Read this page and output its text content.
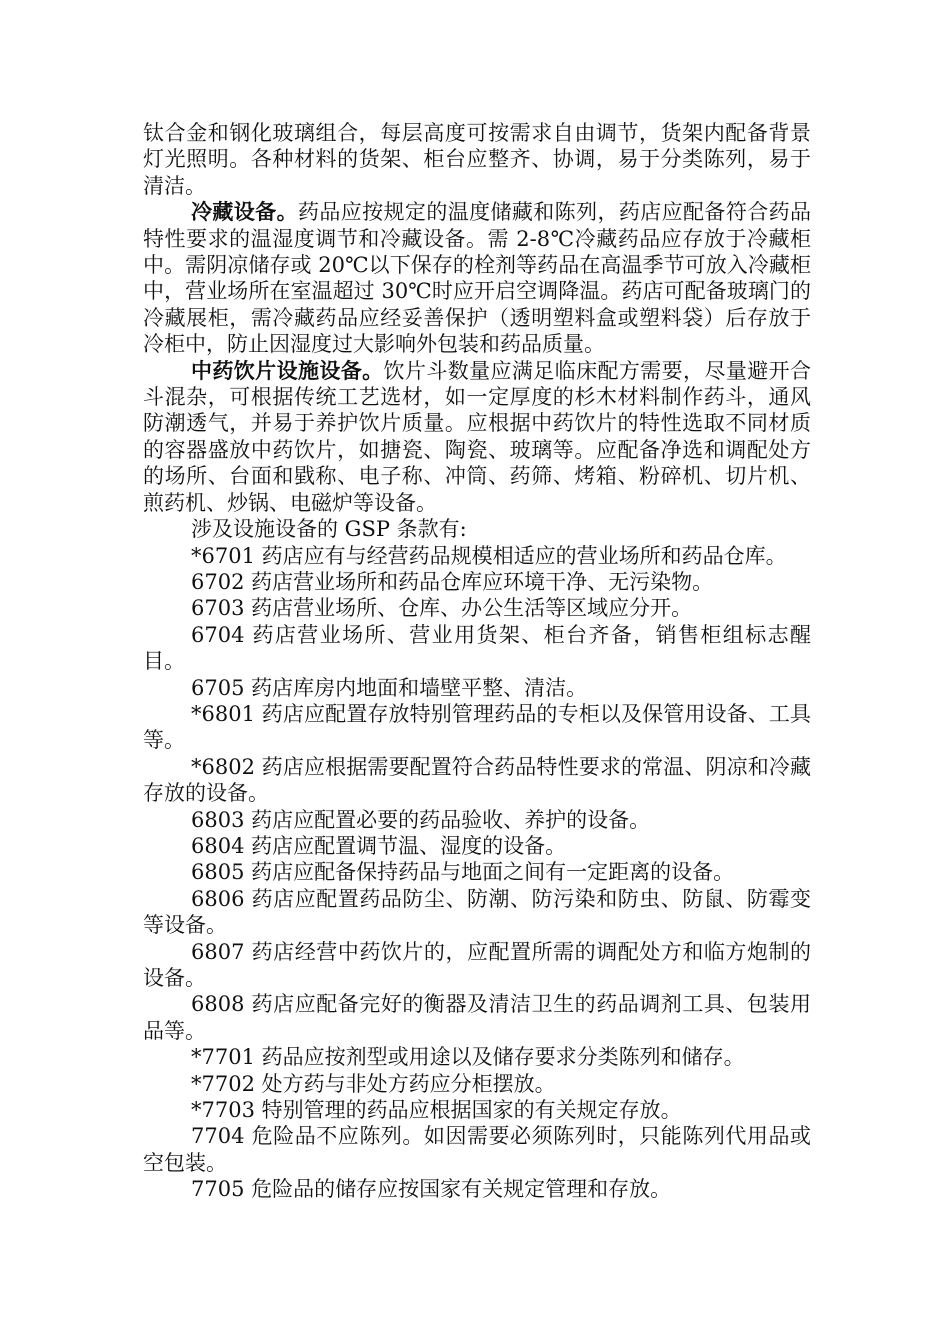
钛合金和钢化玻璃组合，每层高度可按需求自由调节，货架内配备背景灯光照明。各种材料的货架、柜台应整齐、协调，易于分类陈列，易于清洁。

冷藏设备。药品应按规定的温度储藏和陈列，药店应配备符合药品特性要求的温湿度调节和冷藏设备。需 2-8℃冷藏药品应存放于冷藏柜中。需阴凉储存或 20℃以下保存的栓剂等药品在高温季节可放入冷藏柜中，营业场所在室温超过 30℃时应开启空调降温。药店可配备玻璃门的冷藏展柜，需冷藏药品应经妥善保护（透明塑料盒或塑料袋）后存放于冷柜中，防止因湿度过大影响外包装和药品质量。

中药饮片设施设备。饮片斗数量应满足临床配方需要，尽量避开合斗混杂，可根据传统工艺选材，如一定厚度的杉木材料制作药斗，通风防潮透气，并易于养护饮片质量。应根据中药饮片的特性选取不同材质的容器盛放中药饮片，如搪瓷、陶瓷、玻璃等。应配备净选和调配处方的场所、台面和戥称、电子称、冲筒、药筛、烤箱、粉碎机、切片机、煎药机、炒锅、电磁炉等设备。

涉及设施设备的 GSP 条款有:

*6701 药店应有与经营药品规模相适应的营业场所和药品仓库。

6702 药店营业场所和药品仓库应环境干净、无污染物。

6703 药店营业场所、仓库、办公生活等区域应分开。

6704 药店营业场所、营业用货架、柜台齐备，销售柜组标志醒目。

6705 药店库房内地面和墙壁平整、清洁。

*6801 药店应配置存放特别管理药品的专柜以及保管用设备、工具等。

*6802 药店应根据需要配置符合药品特性要求的常温、阴凉和冷藏存放的设备。

6803 药店应配置必要的药品验收、养护的设备。

6804 药店应配置调节温、湿度的设备。

6805 药店应配备保持药品与地面之间有一定距离的设备。

6806 药店应配置药品防尘、防潮、防污染和防虫、防鼠、防霉变等设备。

6807 药店经营中药饮片的，应配置所需的调配处方和临方炮制的设备。

6808 药店应配备完好的衡器及清洁卫生的药品调剂工具、包装用品等。

*7701 药品应按剂型或用途以及储存要求分类陈列和储存。

*7702 处方药与非处方药应分柜摆放。

*7703 特别管理的药品应根据国家的有关规定存放。

7704 危险品不应陈列。如因需要必须陈列时，只能陈列代用品或空包装。

7705 危险品的储存应按国家有关规定管理和存放。
